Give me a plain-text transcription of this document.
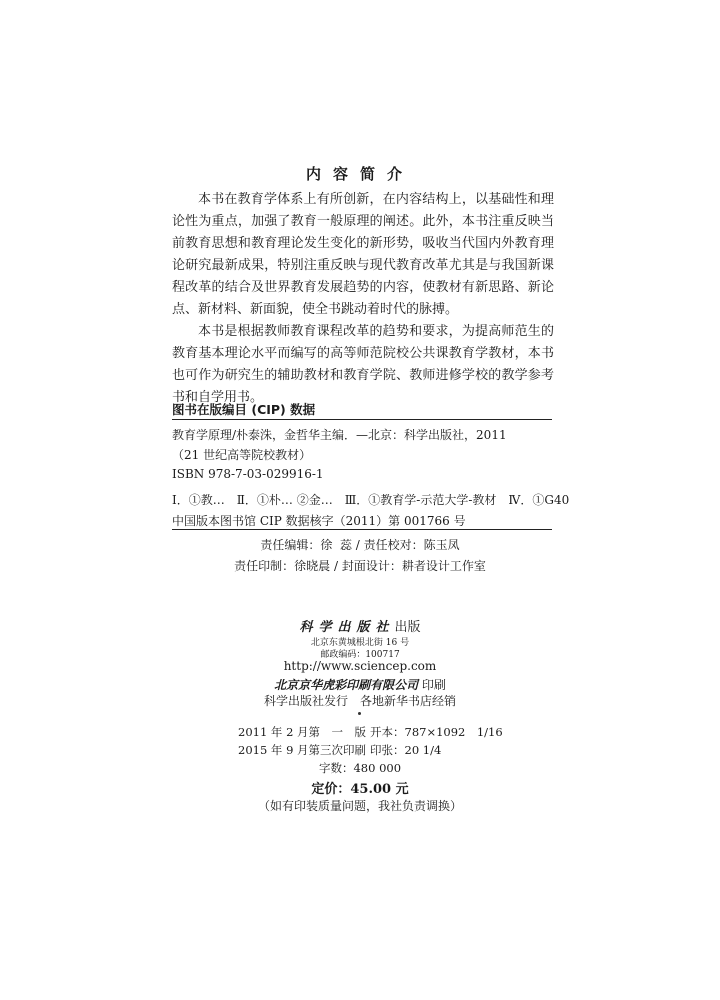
内容简介

本书在教育学体系上有所创新，在内容结构上，以基础性和理论性为重点，加强了教育一般原理的阐述。此外，本书注重反映当前教育思想和教育理论发生变化的新形势，吸收当代国内外教育理论研究最新成果，特别注重反映与现代教育改革尤其是与我国新课程改革的结合及世界教育发展趋势的内容，使教材有新思路、新论点、新材料、新面貌，使全书跳动着时代的脉搏。

本书是根据教师教育课程改革的趋势和要求，为提高师范生的教育基本理论水平而编写的高等师范院校公共课教育学教材，本书也可作为研究生的辅助教材和教育学院、教师进修学校的教学参考书和自学用书。

图书在版编目 (CIP) 数据
教育学原理/朴泰洙，金哲华主编．—北京：科学出版社，2011
（21 世纪高等院校教材）
ISBN 978-7-03-029916-1
Ⅰ．①教…　Ⅱ．①朴… ②金…　Ⅲ．①教育学-示范大学-教材　Ⅳ．①G40
中国版本图书馆 CIP 数据核字（2011）第 001766 号
责任编辑：徐  蕊 / 责任校对：陈玉凤
责任印制：徐晓晨 / 封面设计：耕者设计工作室
科学出版社出版
北京东黄城根北街 16 号
邮政编码：100717
http://www.sciencep.com
北京京华虎彩印刷有限公司 印刷
科学出版社发行　各地新华书店经销
2011 年 2 月第　一　版 开本：787×1092　1/16
2015 年 9 月第三次印刷 印张：20 1/4
字数：480 000
定价：45.00 元
（如有印装质量问题，我社负责调换）
